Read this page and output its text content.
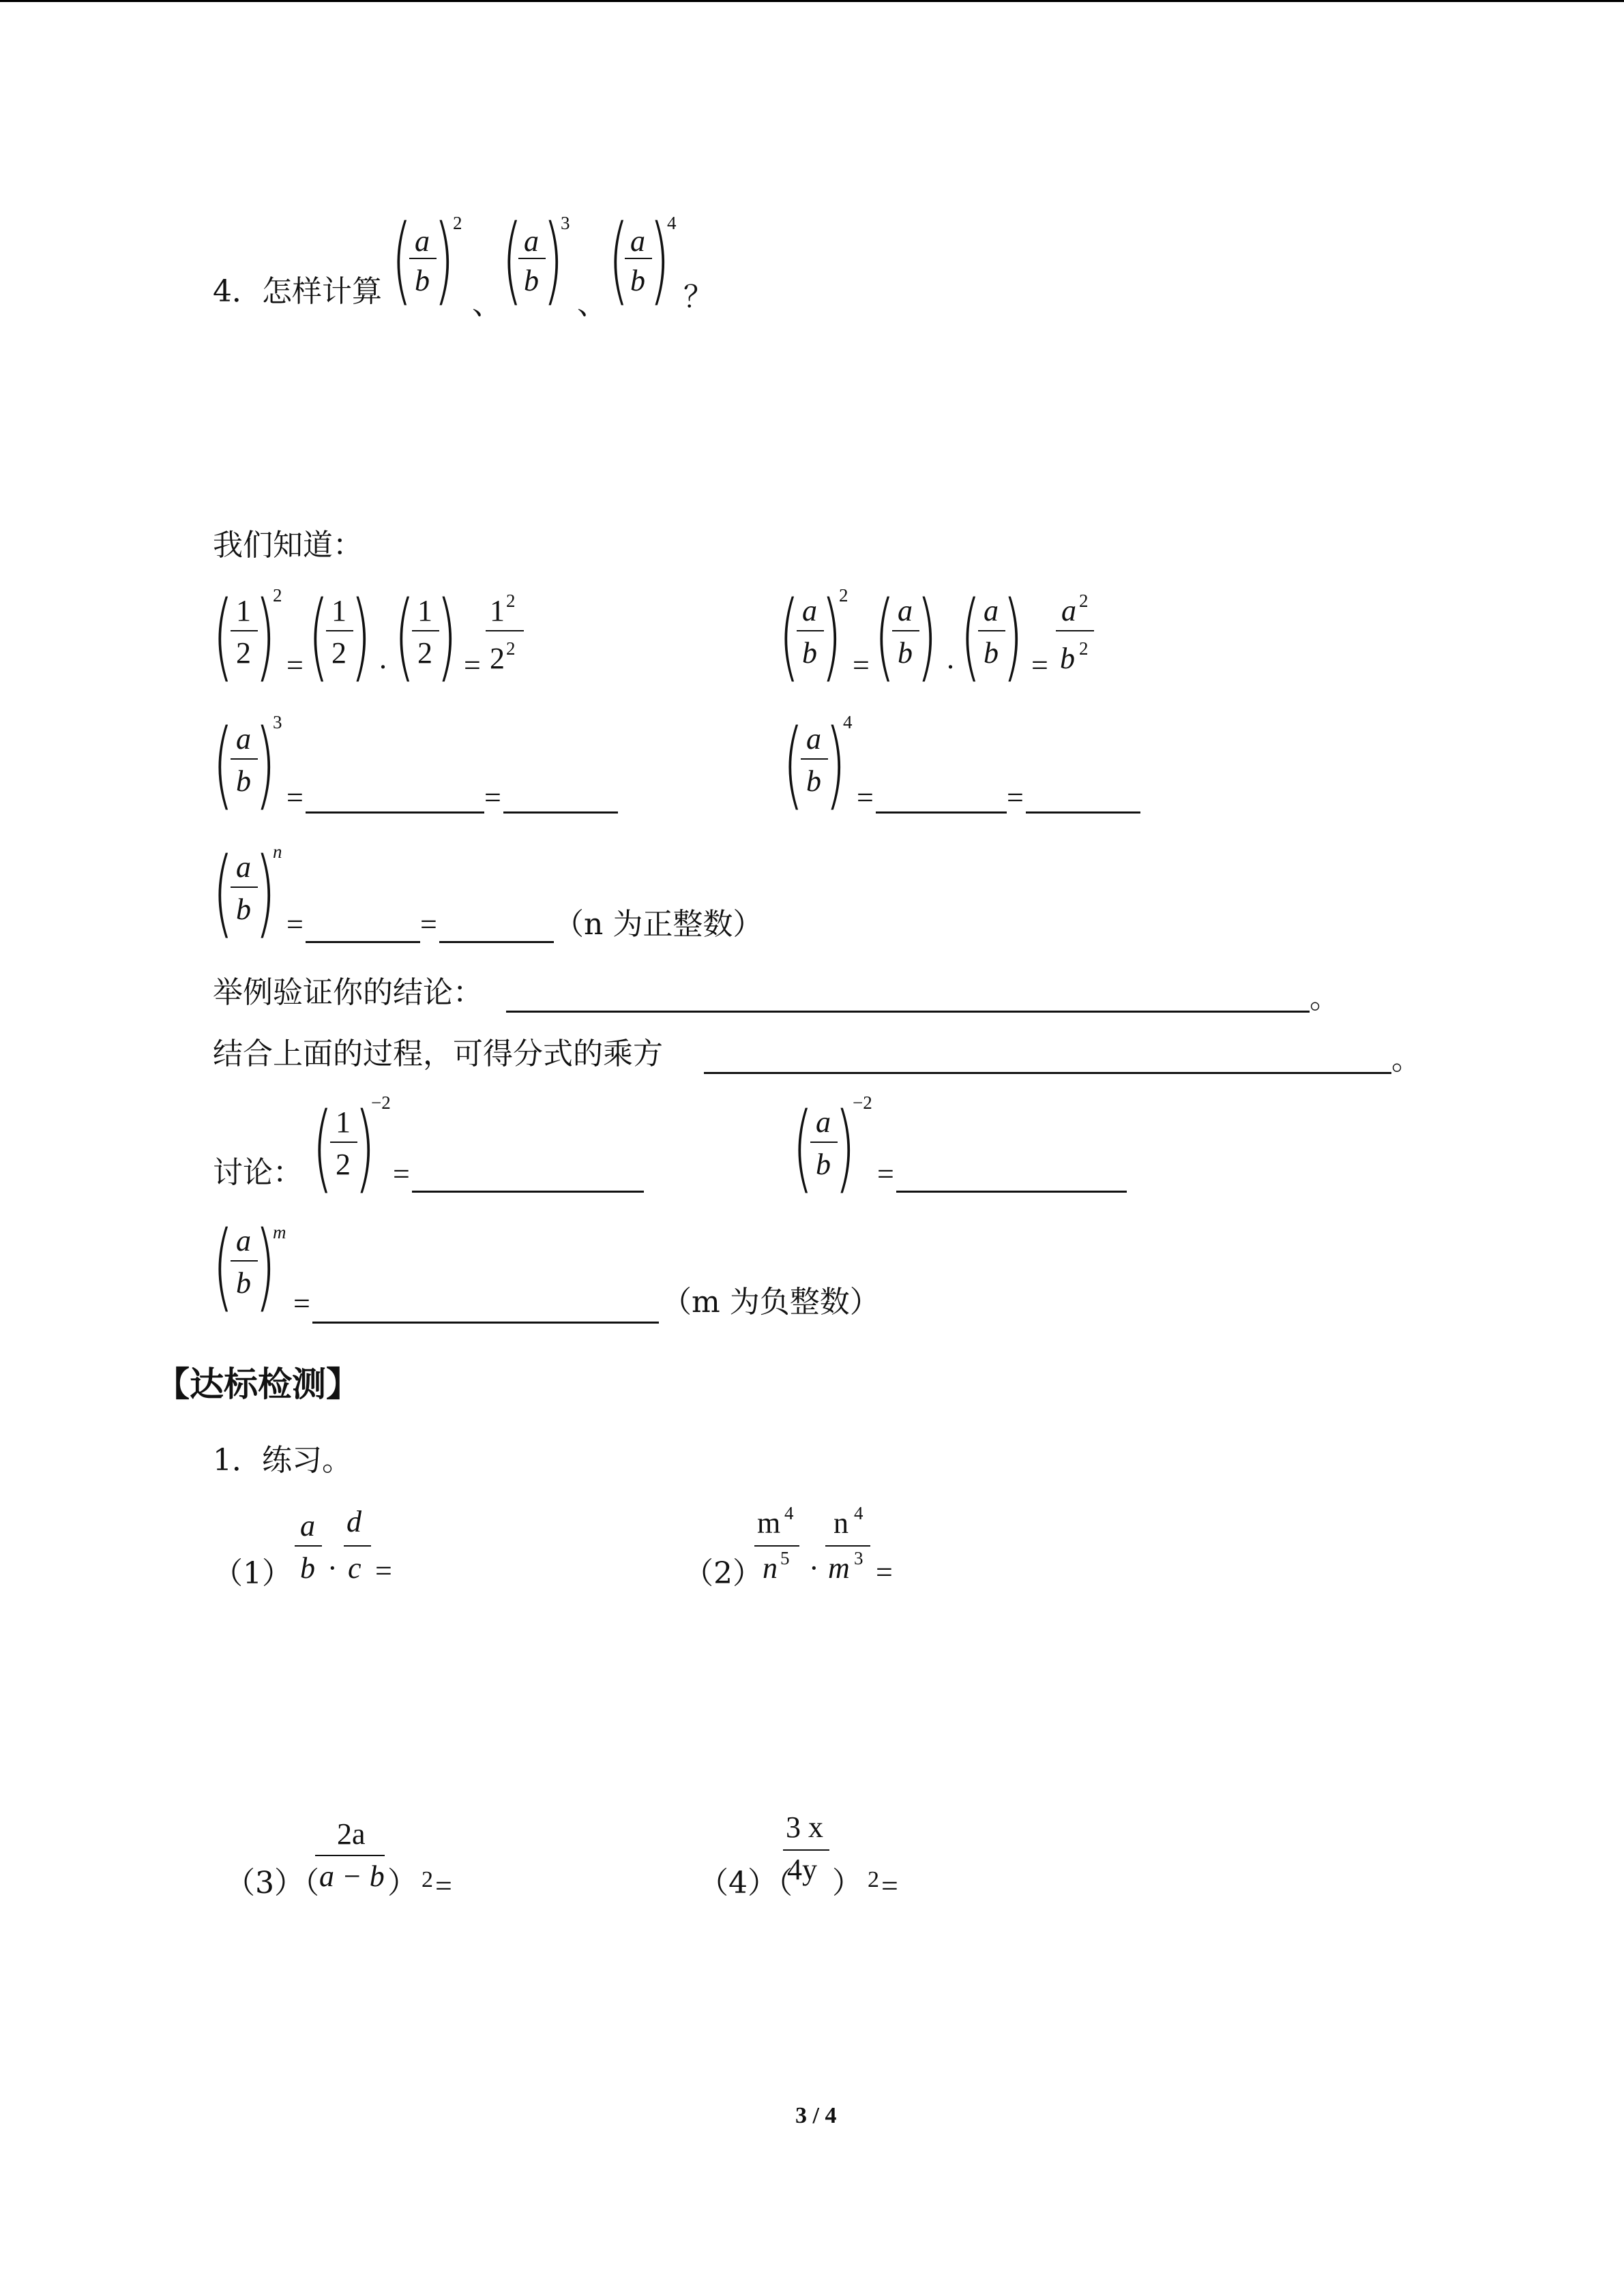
4．怎样计算 ( a
b )
2
、 ( a
b )
3
、 ( a
b )
4
？
我们知道：
( 1
2 )
2
= ( 1
2 ) . ( 1
2 ) =
1 2
2 2	( a
b )
2
= ( a
b ) . ( a
b ) =
a 2
b 2
( a
b )
3
=	=	( a
b )
4
=	=
( a
b )
n
=	=	（n 为正整数）
举例验证你的结论：	。
结合上面的过程，可得分式的乘方	。
讨论： ( 1
2 )
−2
=	( a
b )
−2
=
( a
b )
m
=	（m 为负整数）
【达标检测】
1．练习。
（1）
a
b ·
d
c =	（2）
m 4
n 5 ·
n 4
m 3 =
（3）（
2a
a − b ） 2 =	（4）（
3 x
4y ） 2 =
3 / 4
